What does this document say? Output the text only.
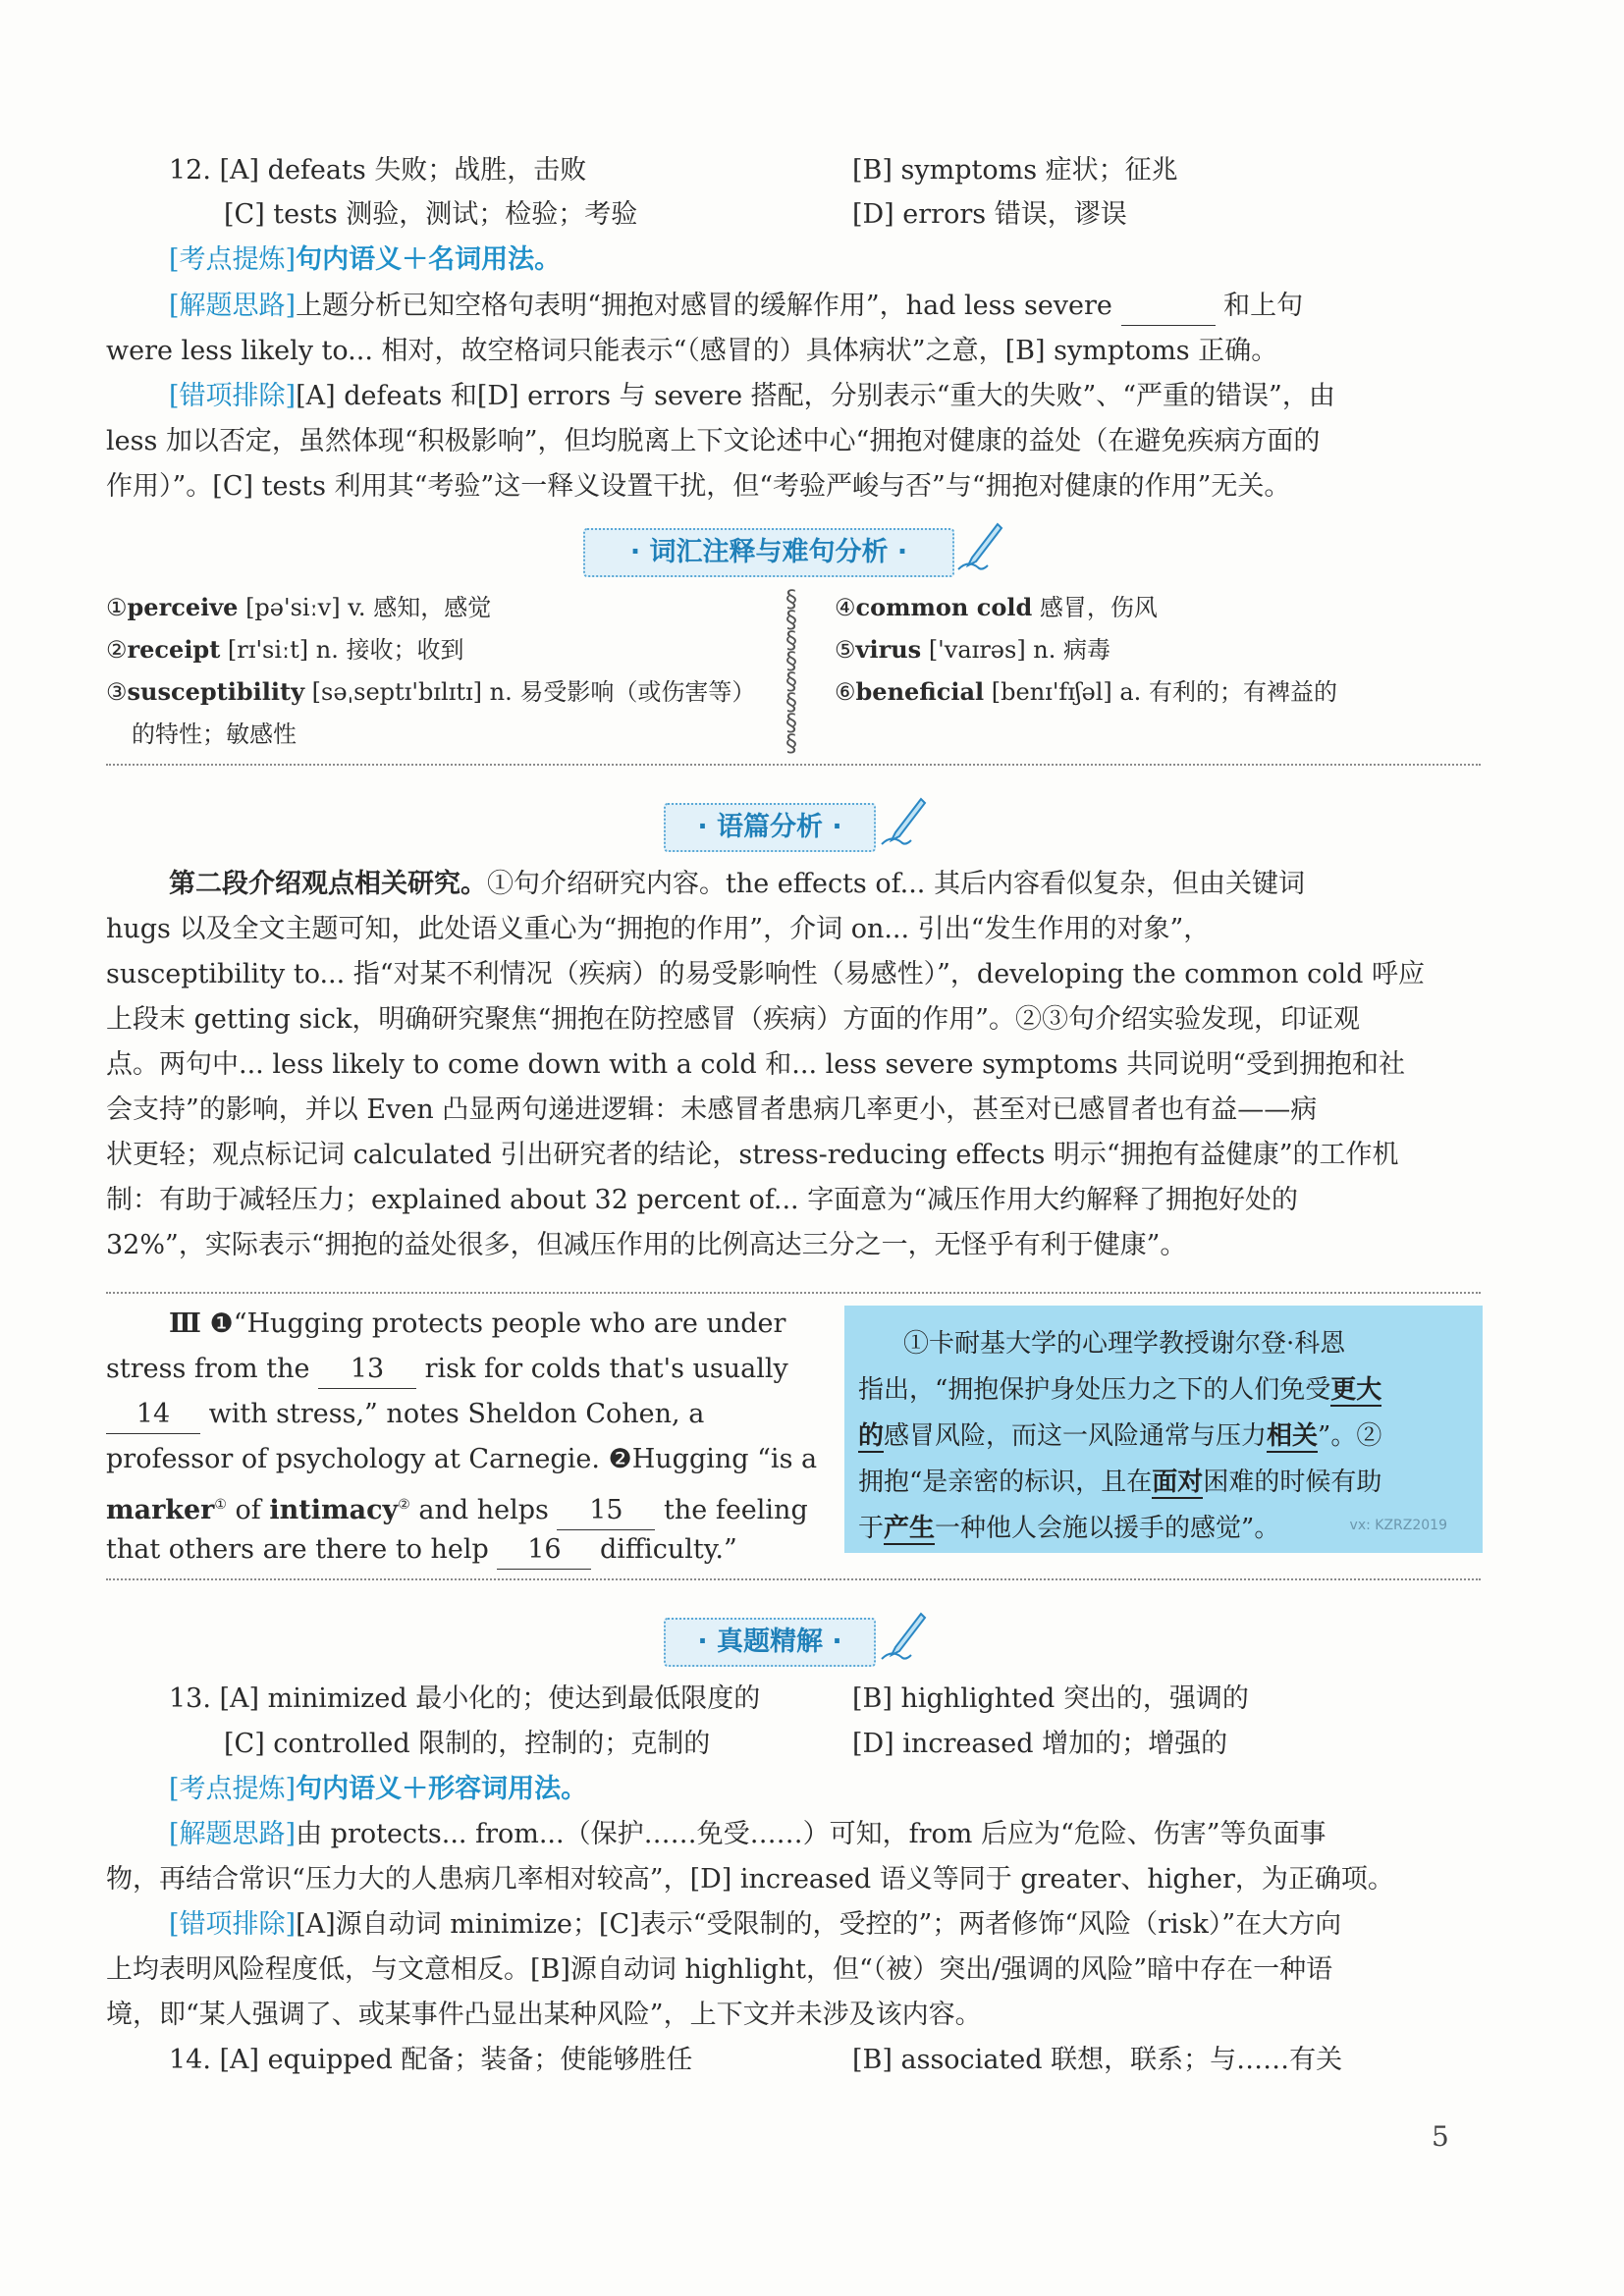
12. [A] defeats 失败；战胜，击败	[B] symptoms 症状；征兆
[C] tests 测验，测试；检验；考验	[D] errors 错误，谬误
[考点提炼]句内语义＋名词用法。
[解题思路]上题分析已知空格句表明“拥抱对感冒的缓解作用”，had less severe	和上句
were less likely to... 相对，故空格词只能表示“（感冒的）具体病状”之意，[B] symptoms 正确。
[错项排除][A] defeats 和[D] errors 与 severe 搭配，分别表示“重大的失败”、“严重的错误”，由
less 加以否定，虽然体现“积极影响”，但均脱离上下文论述中心“拥抱对健康的益处（在避免疾病方面的
作用）”。[C] tests 利用其“考验”这一释义设置干扰，但“考验严峻与否”与“拥抱对健康的作用”无关。
· 词汇注释与难句分析 ·
①perceive [pə'siːv] v. 感知，感觉
②receipt [rɪ'siːt] n. 接收；收到
③susceptibility [səˌseptɪ'bɪlɪtɪ] n. 易受影响（或伤害等）
的特性；敏感性
§
§
§
§
§
§
§
§
④common cold 感冒，伤风
⑤virus ['vaɪrəs] n. 病毒
⑥beneficial [benɪ'fɪʃəl] a. 有利的；有裨益的
· 语篇分析 ·
第二段介绍观点相关研究。①句介绍研究内容。the effects of... 其后内容看似复杂，但由关键词
hugs 以及全文主题可知，此处语义重心为“拥抱的作用”，介词 on... 引出“发生作用的对象”，
susceptibility to... 指“对某不利情况（疾病）的易受影响性（易感性）”，developing the common cold 呼应
上段末 getting sick，明确研究聚焦“拥抱在防控感冒（疾病）方面的作用”。②③句介绍实验发现，印证观
点。两句中... less likely to come down with a cold 和... less severe symptoms 共同说明“受到拥抱和社
会支持”的影响，并以 Even 凸显两句递进逻辑：未感冒者患病几率更小，甚至对已感冒者也有益——病
状更轻；观点标记词 calculated 引出研究者的结论，stress-reducing effects 明示“拥抱有益健康”的工作机
制：有助于减轻压力；explained about 32 percent of... 字面意为“减压作用大约解释了拥抱好处的
32%”，实际表示“拥抱的益处很多，但减压作用的比例高达三分之一，无怪乎有利于健康”。
Ⅲ ❶“Hugging protects people who are under
stress from the 13 risk for colds that's usually
14 with stress,” notes Sheldon Cohen, a
professor of psychology at Carnegie. ❷Hugging “is a
marker① of intimacy② and helps 15 the feeling
that others are there to help 16 difficulty.”
①卡耐基大学的心理学教授谢尔登·科恩
指出，“拥抱保护身处压力之下的人们免受更大
的感冒风险，而这一风险通常与压力相关”。②
拥抱“是亲密的标识，且在面对困难的时候有助
于产生一种他人会施以援手的感觉”。	vx: KZRZ2019
· 真题精解 ·
13. [A] minimized 最小化的；使达到最低限度的	[B] highlighted 突出的，强调的
[C] controlled 限制的，控制的；克制的	[D] increased 增加的；增强的
[考点提炼]句内语义＋形容词用法。
[解题思路]由 protects... from...（保护……免受……）可知，from 后应为“危险、伤害”等负面事
物，再结合常识“压力大的人患病几率相对较高”，[D] increased 语义等同于 greater、higher，为正确项。
[错项排除][A]源自动词 minimize；[C]表示“受限制的，受控的”；两者修饰“风险（risk）”在大方向
上均表明风险程度低，与文意相反。[B]源自动词 highlight，但“（被）突出/强调的风险”暗中存在一种语
境，即“某人强调了、或某事件凸显出某种风险”，上下文并未涉及该内容。
14. [A] equipped 配备；装备；使能够胜任	[B] associated 联想，联系；与……有关
5
